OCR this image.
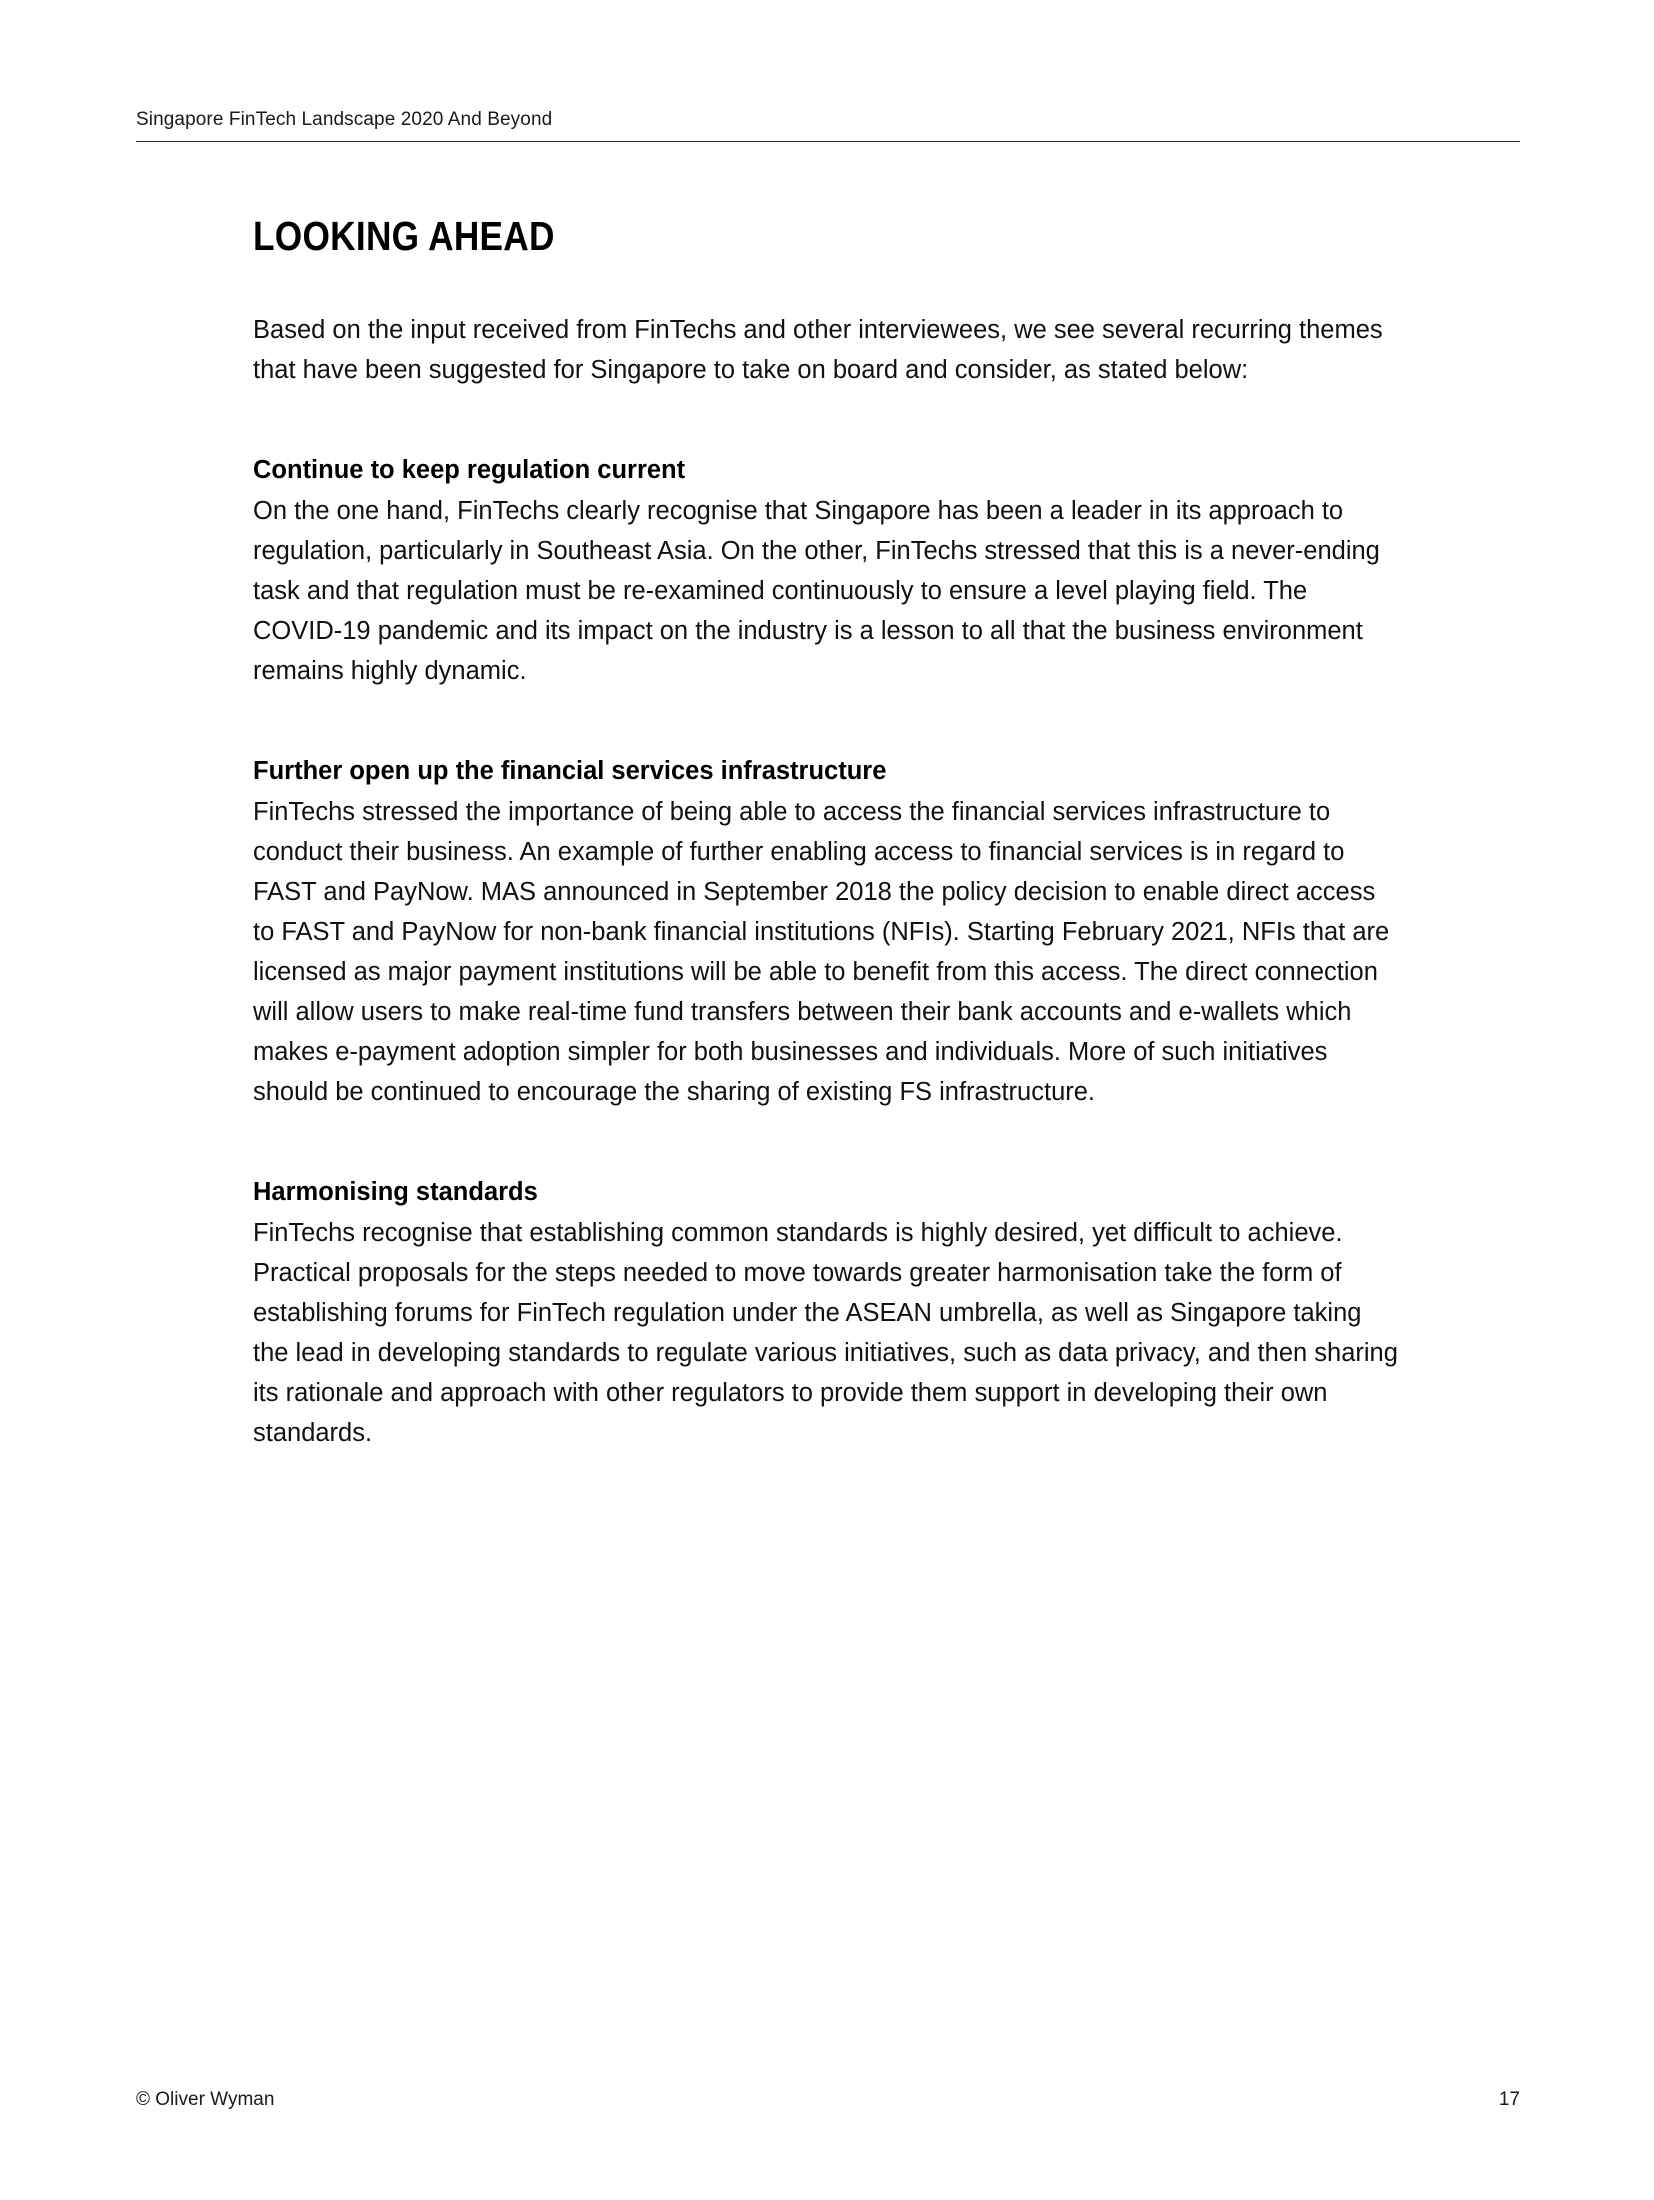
Singapore FinTech Landscape 2020 And Beyond
LOOKING AHEAD

Based on the input received from FinTechs and other interviewees, we see several recurring themes that have been suggested for Singapore to take on board and consider, as stated below:

Continue to keep regulation current

On the one hand, FinTechs clearly recognise that Singapore has been a leader in its approach to regulation, particularly in Southeast Asia. On the other, FinTechs stressed that this is a never-ending task and that regulation must be re-examined continuously to ensure a level playing field. The COVID-19 pandemic and its impact on the industry is a lesson to all that the business environment remains highly dynamic.

Further open up the financial services infrastructure

FinTechs stressed the importance of being able to access the financial services infrastructure to conduct their business. An example of further enabling access to financial services is in regard to FAST and PayNow. MAS announced in September 2018 the policy decision to enable direct access to FAST and PayNow for non-bank financial institutions (NFIs). Starting February 2021, NFIs that are licensed as major payment institutions will be able to benefit from this access. The direct connection will allow users to make real-time fund transfers between their bank accounts and e-wallets which makes e-payment adoption simpler for both businesses and individuals. More of such initiatives should be continued to encourage the sharing of existing FS infrastructure.

Harmonising standards

FinTechs recognise that establishing common standards is highly desired, yet difficult to achieve. Practical proposals for the steps needed to move towards greater harmonisation take the form of establishing forums for FinTech regulation under the ASEAN umbrella, as well as Singapore taking the lead in developing standards to regulate various initiatives, such as data privacy, and then sharing its rationale and approach with other regulators to provide them support in developing their own standards.

© Oliver Wyman	17
